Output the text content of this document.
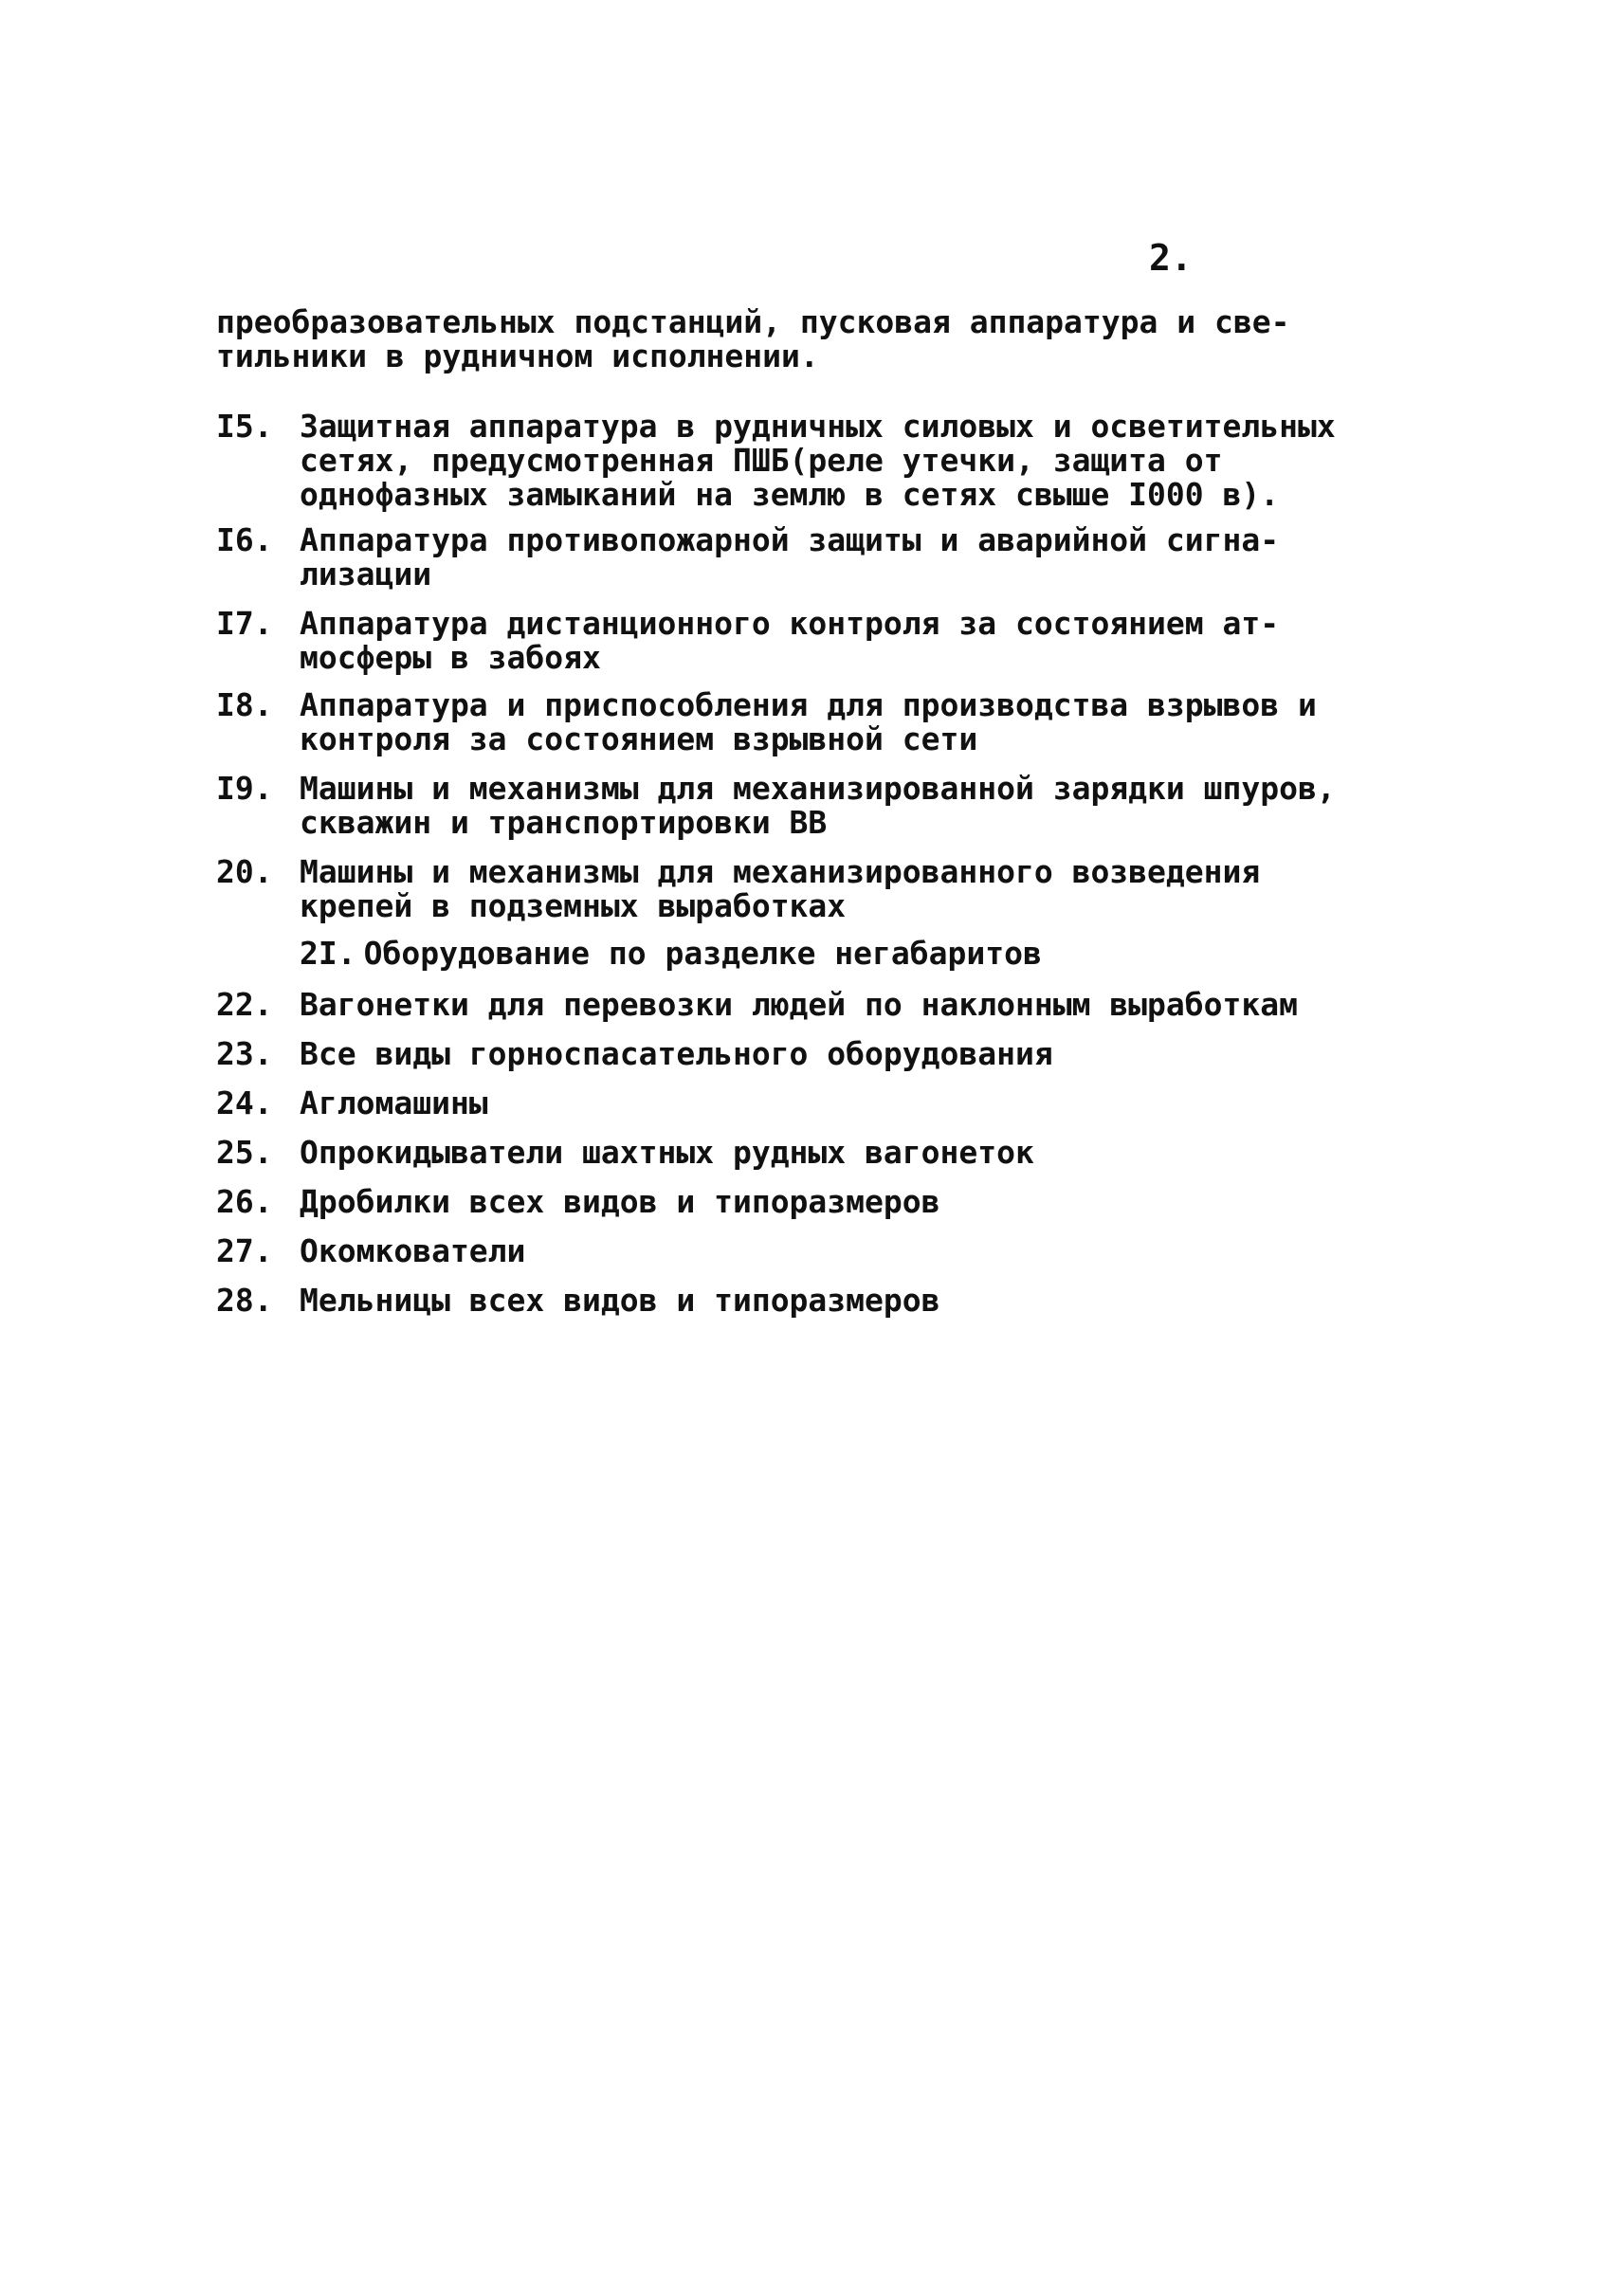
2.
преобразовательных подстанций, пусковая аппаратура и све-
тильники в рудничном исполнении.
I5. Защитная аппаратура в рудничных силовых и осветительных
сетях, предусмотренная ПШБ(реле утечки, защита от
однофазных замыканий на землю в сетях свыше I000 в).
I6. Аппаратура противопожарной защиты и аварийной сигна-
лизации
I7. Аппаратура дистанционного контроля за состоянием ат-
мосферы в забоях
I8. Аппаратура и приспособления для производства взрывов и
контроля за состоянием взрывной сети
I9. Машины и механизмы для механизированной зарядки шпуров,
скважин и транспортировки ВВ
20. Машины и механизмы для механизированного возведения
крепей в подземных выработках
2I. Оборудование по разделке негабаритов
22. Вагонетки для перевозки людей по наклонным выработкам
23. Все виды горноспасательного оборудования
24. Агломашины
25. Опрокидыватели шахтных рудных вагонеток
26. Дробилки всех видов и типоразмеров
27. Окомкователи
28. Мельницы всех видов и типоразмеров
